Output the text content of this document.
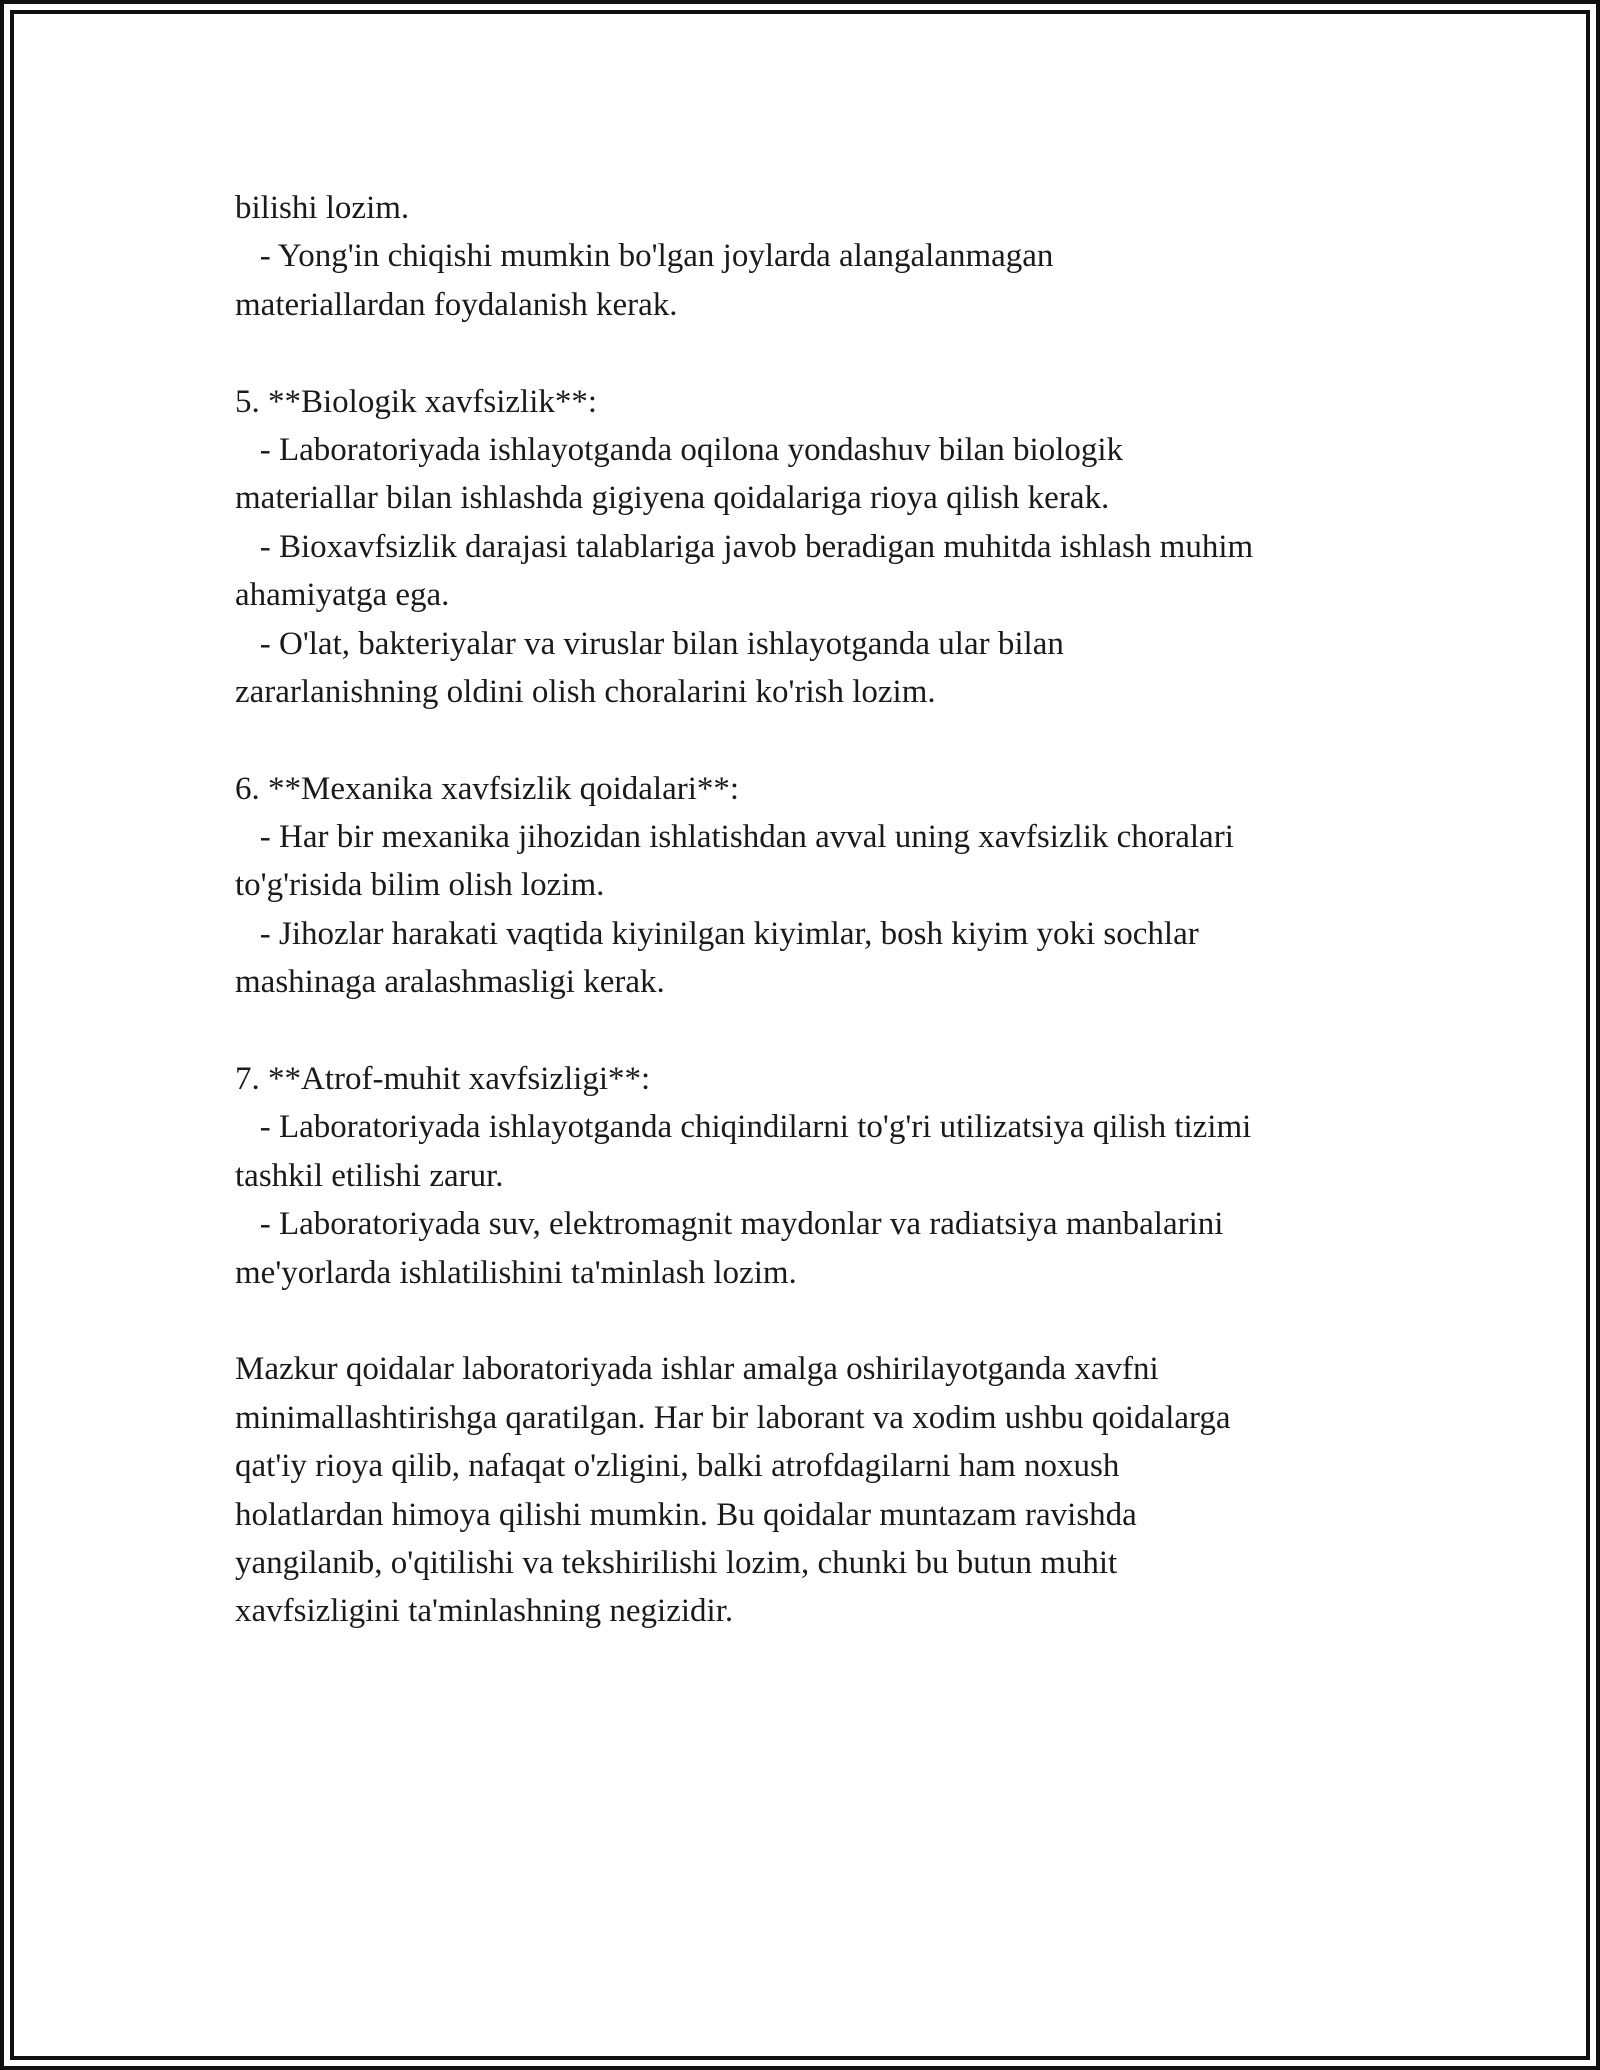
bilishi lozim.
- Yong'in chiqishi mumkin bo'lgan joylarda alangalanmagan
materiallardan foydalanish kerak.
5. **Biologik xavfsizlik**:
- Laboratoriyada ishlayotganda oqilona yondashuv bilan biologik
materiallar bilan ishlashda gigiyena qoidalariga rioya qilish kerak.
- Bioxavfsizlik darajasi talablariga javob beradigan muhitda ishlash muhim
ahamiyatga ega.
- O'lat, bakteriyalar va viruslar bilan ishlayotganda ular bilan
zararlanishning oldini olish choralarini ko'rish lozim.
6. **Mexanika xavfsizlik qoidalari**:
- Har bir mexanika jihozidan ishlatishdan avval uning xavfsizlik choralari
to'g'risida bilim olish lozim.
- Jihozlar harakati vaqtida kiyinilgan kiyimlar, bosh kiyim yoki sochlar
mashinaga aralashmasligi kerak.
7. **Atrof-muhit xavfsizligi**:
- Laboratoriyada ishlayotganda chiqindilarni to'g'ri utilizatsiya qilish tizimi
tashkil etilishi zarur.
- Laboratoriyada suv, elektromagnit maydonlar va radiatsiya manbalarini
me'yorlarda ishlatilishini ta'minlash lozim.
Mazkur qoidalar laboratoriyada ishlar amalga oshirilayotganda xavfni
minimallashtirishga qaratilgan. Har bir laborant va xodim ushbu qoidalarga
qat'iy rioya qilib, nafaqat o'zligini, balki atrofdagilarni ham noxush
holatlardan himoya qilishi mumkin. Bu qoidalar muntazam ravishda
yangilanib, o'qitilishi va tekshirilishi lozim, chunki bu butun muhit
xavfsizligini ta'minlashning negizidir.
